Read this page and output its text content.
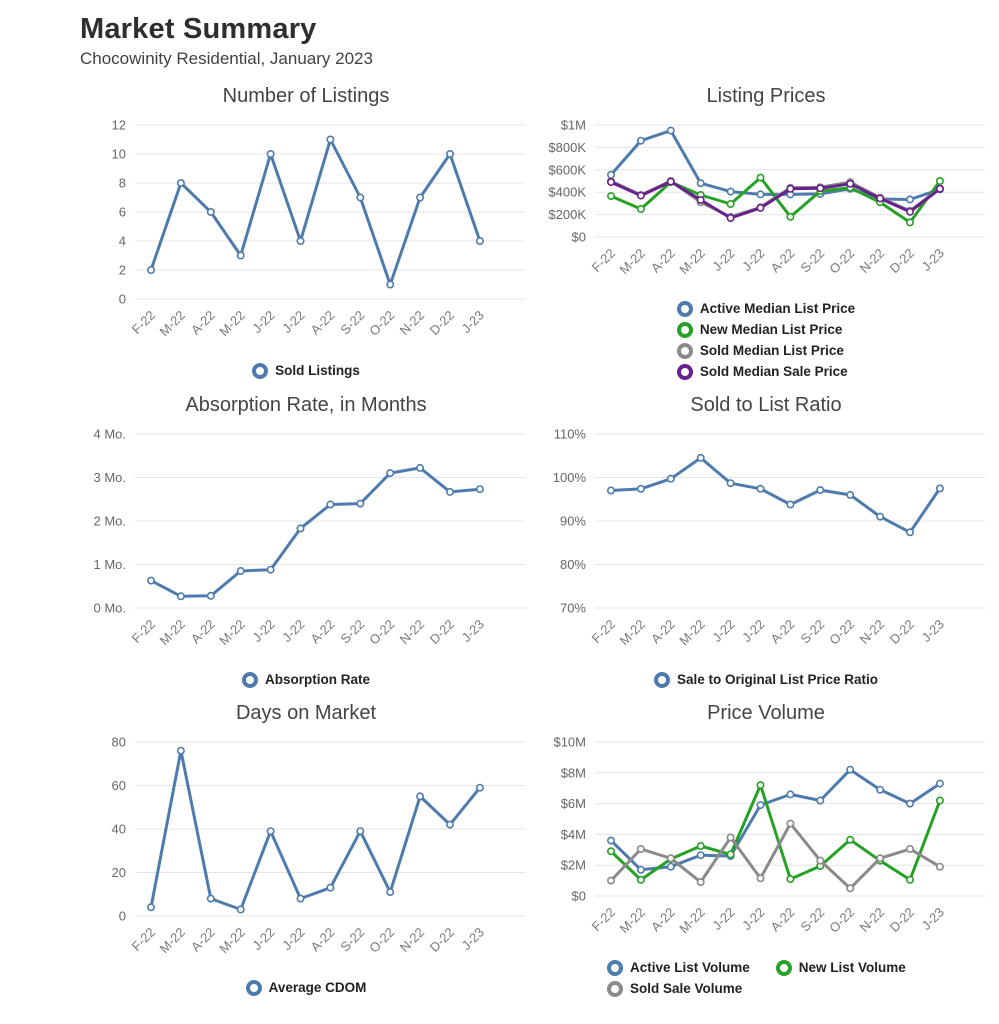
Market Summary
Chocowinity Residential, January 2023
Number of Listings
0
2
4
6
8
10
12
F-22
M-22 A-22
M-22 J-22 J-22 A-22 S-22
O-22 N-22 D-22 J-23
Sold Listings
Listing Prices
$0
$200K
$400K
$600K
$800K
$1M
F-22
M-22 A-22
M-22 J-22 J-22 A-22 S-22
O-22 N-22 D-22 J-23
Active Median List Price
New Median List Price
Sold Median List Price
Sold Median Sale Price
Absorption Rate, in Months
0 Mo.
1 Mo.
2 Mo.
3 Mo.
4 Mo.
F-22
M-22 A-22
M-22 J-22 J-22 A-22 S-22
O-22 N-22 D-22 J-23
Absorption Rate
Sold to List Ratio
70%
80%
90%
100%
110%
F-22
M-22 A-22
M-22 J-22 J-22 A-22 S-22
O-22 N-22 D-22 J-23
Sale to Original List Price Ratio
Days on Market
0
20
40
60
80
F-22
M-22 A-22
M-22 J-22 J-22 A-22 S-22
O-22 N-22 D-22 J-23
Average CDOM
Price Volume
$0
$2M
$4M
$6M
$8M
$10M
F-22
M-22 A-22
M-22 J-22 J-22 A-22 S-22
O-22 N-22 D-22 J-23
Active List Volume	New List Volume
Sold Sale Volume
